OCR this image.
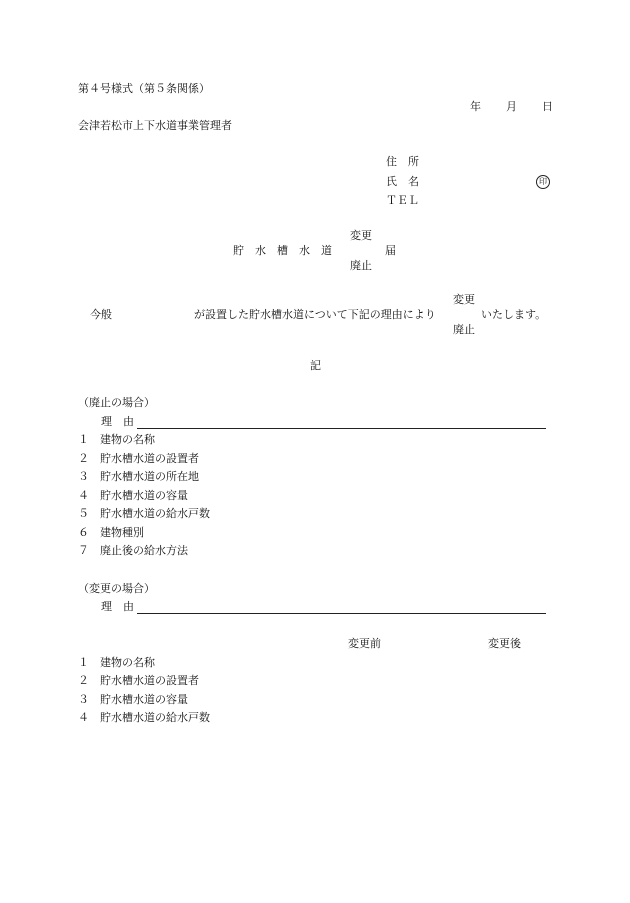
第４号様式（第５条関係）
年 月 日
会津若松市上下水道事業管理者
住　所
氏　名	印
ＴＥＬ
変更
貯　水　槽　水　道	届
廃止
変更
今般	が設置した貯水槽水道について下記の理由により	いたします。
廃止
記
（廃止の場合）
理　由
１　建物の名称
２　貯水槽水道の設置者
３　貯水槽水道の所在地
４　貯水槽水道の容量
５　貯水槽水道の給水戸数
６　建物種別
７　廃止後の給水方法
（変更の場合）
理　由
変更前	変更後
１　建物の名称
２　貯水槽水道の設置者
３　貯水槽水道の容量
４　貯水槽水道の給水戸数
